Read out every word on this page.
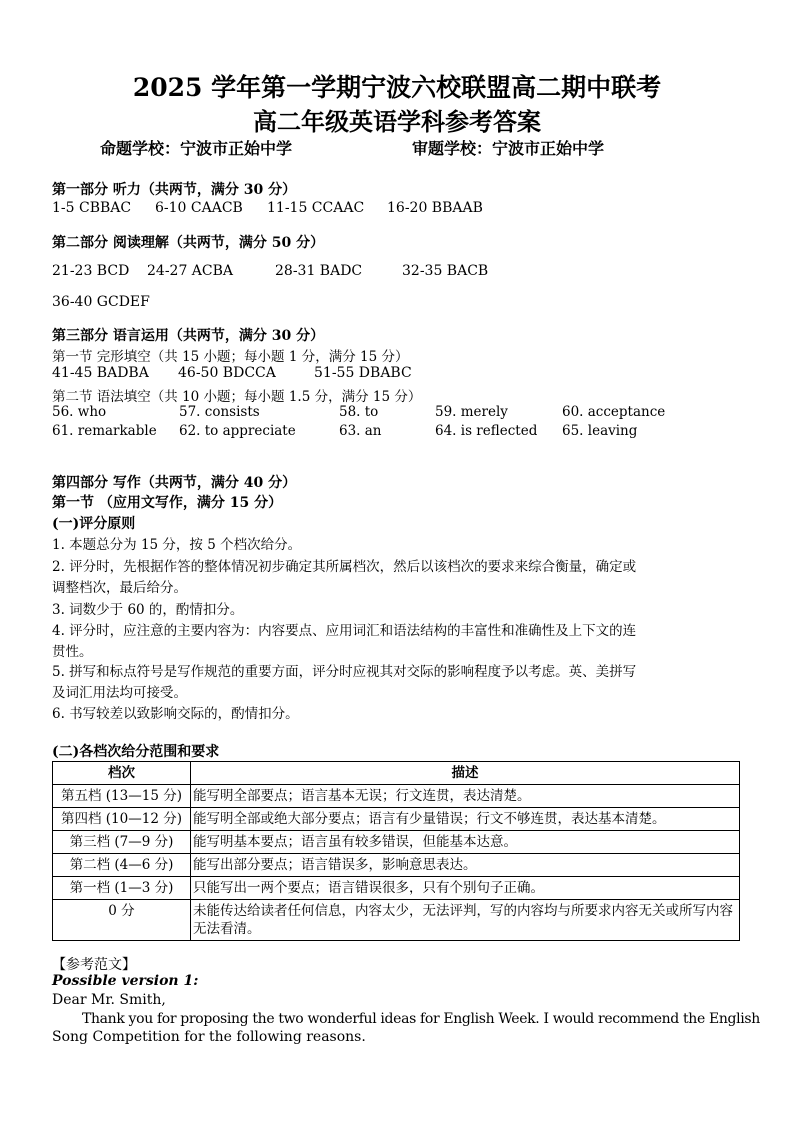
2025 学年第一学期宁波六校联盟高二期中联考
高二年级英语学科参考答案
命题学校：宁波市正始中学	审题学校：宁波市正始中学
第一部分 听力（共两节，满分 30 分）
1-5 CBBAC 6-10 CAACB 11-15 CCAAC 16-20 BBAAB
第二部分 阅读理解（共两节，满分 50 分）
21-23 BCD 24-27 ACBA	28-31 BADC	32-35 BACB
36-40 GCDEF
第三部分 语言运用（共两节，满分 30 分）
第一节 完形填空（共 15 小题；每小题 1 分，满分 15 分）
41-45 BADBA 46-50 BDCCA	51-55 DBABC
第二节 语法填空（共 10 小题；每小题 1.5 分，满分 15 分）
56. who	57. consists	58. to	59. merely	60. acceptance
61. remarkable 62. to appreciate	63. an	64. is reflected 65. leaving
第四部分 写作（共两节，满分 40 分）
第一节 （应用文写作，满分 15 分）
(一)评分原则
1. 本题总分为 15 分，按 5 个档次给分。
2. 评分时，先根据作答的整体情况初步确定其所属档次，然后以该档次的要求来综合衡量，确定或
调整档次，最后给分。
3. 词数少于 60 的，酌情扣分。
4. 评分时，应注意的主要内容为：内容要点、应用词汇和语法结构的丰富性和准确性及上下文的连
贯性。
5. 拼写和标点符号是写作规范的重要方面，评分时应视其对交际的影响程度予以考虑。英、美拼写
及词汇用法均可接受。
6. 书写较差以致影响交际的，酌情扣分。
(二)各档次给分范围和要求
档次	描述
第五档 (13—15 分)	能写明全部要点；语言基本无误；行文连贯，表达清楚。
第四档 (10—12 分)	能写明全部或绝大部分要点；语言有少量错误；行文不够连贯，表达基本清楚。
第三档 (7—9 分)	能写明基本要点；语言虽有较多错误，但能基本达意。
第二档 (4—6 分)	能写出部分要点；语言错误多，影响意思表达。
第一档 (1—3 分)	只能写出一两个要点；语言错误很多，只有个别句子正确。
0 分	未能传达给读者任何信息，内容太少，无法评判，写的内容均与所要求内容无关或所写内容无法看清。
【参考范文】
Possible version 1:
Dear Mr. Smith,
Thank you for proposing the two wonderful ideas for English Week. I would recommend the English
Song Competition for the following reasons.
